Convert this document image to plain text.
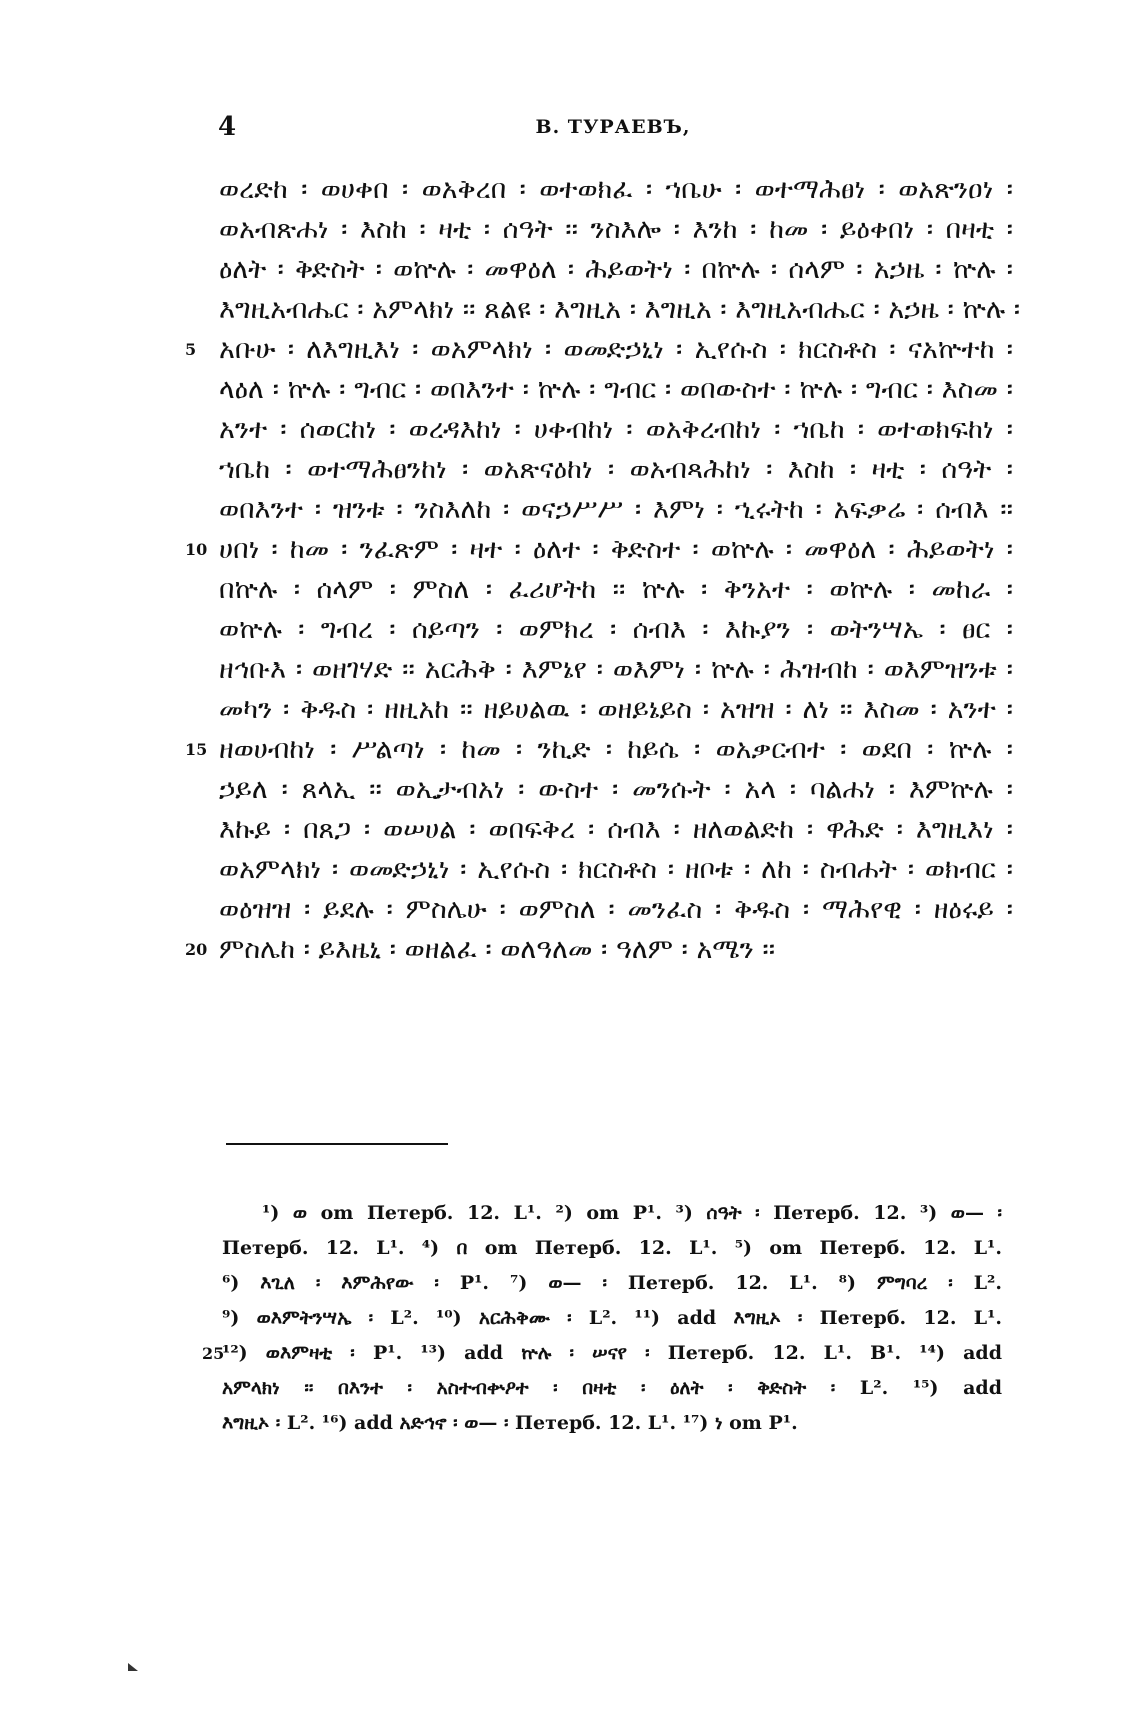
4	В. ТУРАЕВЪ,
ወረድከ ፡ ወሀቀበ ፡ ወአቅረበ ፡ ወተወክፈ ፡ ኀቤሁ ፡ ወተማሕፀነ ፡ ወአጽንዐነ ፡
ወአብጽሐነ ፡ እስከ ፡ ዛቲ ፡ ሰዓት ፡፡ ንስእሎ ፡ እንከ ፡ ከመ ፡ ይዕቀበነ ፡ በዛቲ ፡
ዕለት ፡ ቅድስት ፡ ወኵሉ ፡ መዋዕለ ፡ ሕይወትነ ፡ በኵሉ ፡ ሰላም ፡ አኃዜ ፡ ኵሉ ፡
እግዚአብሔር ፡ አምላክነ ፡፡ ጸልዩ ፡ እግዚአ ፡ እግዚአ ፡ እግዚአብሔር ፡ አኃዜ ፡ ኵሉ ፡
5 አቡሁ ፡ ለእግዚእነ ፡ ወአምላክነ ፡ ወመድኃኒነ ፡ ኢየሱስ ፡ ክርስቶስ ፡ ናአኵተከ ፡
ላዕለ ፡ ኵሉ ፡ ግብር ፡ ወበእንተ ፡ ኵሉ ፡ ግብር ፡ ወበውስተ ፡ ኵሉ ፡ ግብር ፡ እስመ ፡
አንተ ፡ ሰወርከነ ፡ ወረዳእከነ ፡ ሀቀብከነ ፡ ወአቅረብከነ ፡ ኀቤከ ፡ ወተወክፍከነ ፡
ኀቤከ ፡ ወተማሕፀንከነ ፡ ወአጽናዕከነ ፡ ወአብጻሕከነ ፡ እስከ ፡ ዛቲ ፡ ሰዓት ፡
ወበእንተ ፡ ዝንቱ ፡ ንስእለከ ፡ ወናኃሥሥ ፡ እምነ ፡ ኂሩትከ ፡ አፍቃሬ ፡ ሰብእ ፡፡
10 ሀበነ ፡ ከመ ፡ ንፈጽም ፡ ዛተ ፡ ዕለተ ፡ ቅድስተ ፡ ወኵሉ ፡ መዋዕለ ፡ ሕይወትነ ፡
በኵሉ ፡ ሰላም ፡ ምስለ ፡ ፈሪሆትከ ፡፡ ኵሉ ፡ ቅንአተ ፡ ወኵሉ ፡ መከራ ፡
ወኵሉ ፡ ግብረ ፡ ሰይጣን ፡ ወምክረ ፡ ሰብእ ፡ እኩያን ፡ ወትንሣኤ ፡ ፀር ፡
ዘኅቡእ ፡ ወዘገሃድ ፡፡ አርሕቅ ፡ እምኔየ ፡ ወእምነ ፡ ኵሉ ፡ ሕዝብከ ፡ ወእምዝንቱ ፡
መካን ፡ ቅዱስ ፡ ዘዚአከ ፡፡ ዘይሀልዉ ፡ ወዘይኔይስ ፡ አዝዝ ፡ ለነ ፡፡ እስመ ፡ አንተ ፡
15 ዘወሀብከነ ፡ ሥልጣነ ፡ ከመ ፡ ንኪድ ፡ ከይሴ ፡ ወአቃርብተ ፡ ወደበ ፡ ኵሉ ፡
ኃይለ ፡ ጸላኢ ፡፡ ወኢታብአነ ፡ ውስተ ፡ መንሱት ፡ አላ ፡ ባልሐነ ፡ እምኵሉ ፡
እኩይ ፡ በጸጋ ፡ ወሠሀል ፡ ወበፍቅረ ፡ ሰብእ ፡ ዘለወልድከ ፡ ዋሕድ ፡ እግዚእነ ፡
ወአምላክነ ፡ ወመድኃኒነ ፡ ኢየሱስ ፡ ክርስቶስ ፡ ዘቦቱ ፡ ለከ ፡ ስብሐት ፡ ወክብር ፡
ወዕዝዝ ፡ ይደሉ ፡ ምስሌሁ ፡ ወምስለ ፡ መንፈስ ፡ ቅዱስ ፡ ማሕየዊ ፡ ዘዕሩይ ፡
20 ምስሌከ ፡ ይእዜኒ ፡ ወዘልፈ ፡ ወለዓለመ ፡ ዓለም ፡ አሜን ፡፡
¹) ወ om Петерб. 12. L¹. ²) om P¹. ³) ሰዓት ፡ Петерб. 12. ³) ወ— ፡
Петерб. 12. L¹. ⁴) በ om Петерб. 12. L¹. ⁵) om Петерб. 12. L¹.
⁶) እጊለ ፡ እምሕየው ፡ P¹. ⁷) ወ— ፡ Петерб. 12. L¹. ⁸) ምግባረ ፡ L².
⁹) ወእምትንሣኤ ፡ L². ¹⁰) አርሕቅሙ ፡ L². ¹¹) add እግዚኦ ፡ Петерб. 12. L¹.
25
¹²) ወእምዛቲ ፡ P¹. ¹³) add ኵሉ ፡ ሠናየ ፡ Петерб. 12. L¹. B¹. ¹⁴) add
አምላክነ ፡፡ በእንተ ፡ አስተብቍዖተ ፡ በዛቲ ፡ ዕለት ፡ ቅድስት ፡ L². ¹⁵) add
እግዚኦ ፡ L². ¹⁶) add አድኅኖ ፡ ወ— ፡ Петерб. 12. L¹. ¹⁷) ነ om P¹.
